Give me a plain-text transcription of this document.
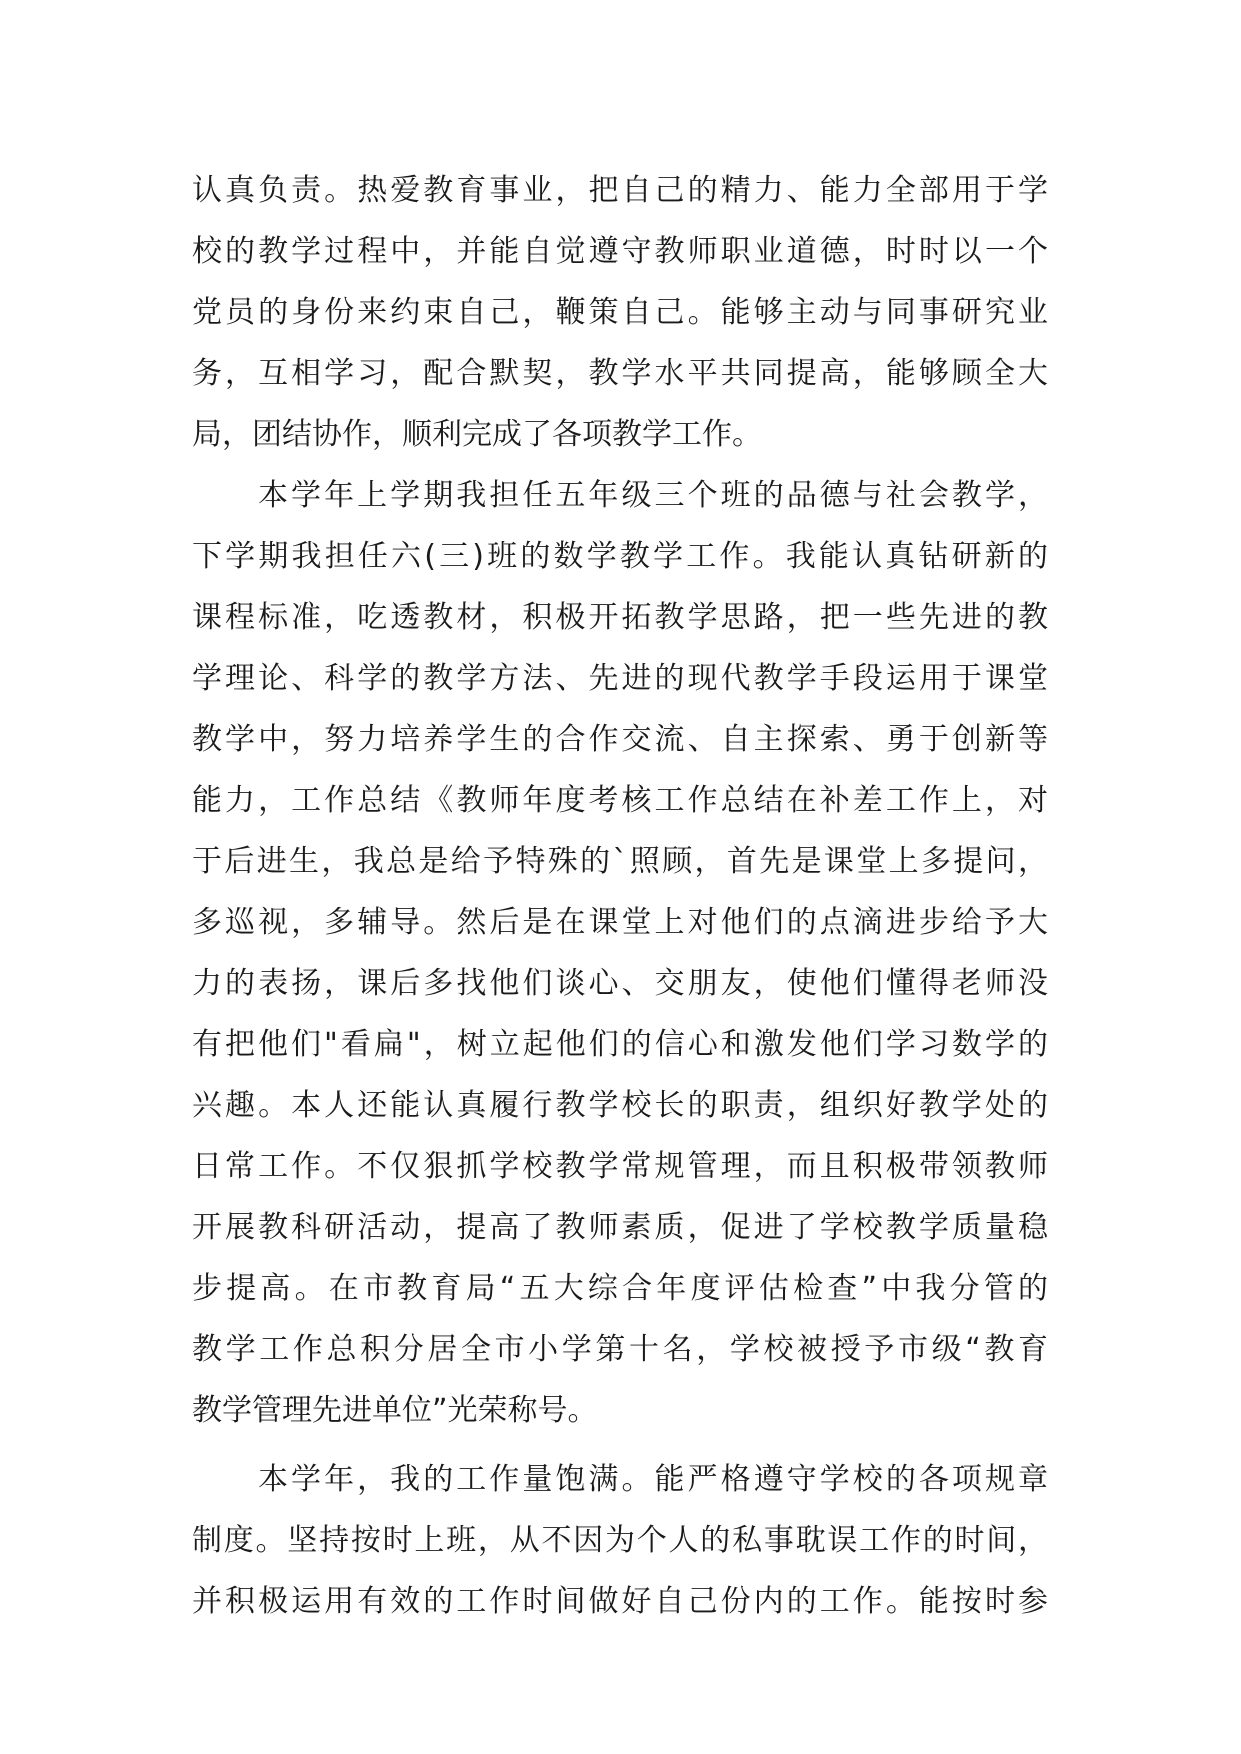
认真负责。热爱教育事业，把自己的精力、能力全部用于学
校的教学过程中，并能自觉遵守教师职业道德，时时以一个
党员的身份来约束自己，鞭策自己。能够主动与同事研究业
务，互相学习，配合默契，教学水平共同提高，能够顾全大
局，团结协作，顺利完成了各项教学工作。
本学年上学期我担任五年级三个班的品德与社会教学，
下学期我担任六(三)班的数学教学工作。我能认真钻研新的
课程标准，吃透教材，积极开拓教学思路，把一些先进的教
学理论、科学的教学方法、先进的现代教学手段运用于课堂
教学中，努力培养学生的合作交流、自主探索、勇于创新等
能力，工作总结《教师年度考核工作总结在补差工作上，对
于后进生，我总是给予特殊的`照顾，首先是课堂上多提问，
多巡视，多辅导。然后是在课堂上对他们的点滴进步给予大
力的表扬，课后多找他们谈心、交朋友，使他们懂得老师没
有把他们"看扁"，树立起他们的信心和激发他们学习数学的
兴趣。本人还能认真履行教学校长的职责，组织好教学处的
日常工作。不仅狠抓学校教学常规管理，而且积极带领教师
开展教科研活动，提高了教师素质，促进了学校教学质量稳
步提高。在市教育局“五大综合年度评估检查”中我分管的
教学工作总积分居全市小学第十名，学校被授予市级“教育
教学管理先进单位”光荣称号。
本学年，我的工作量饱满。能严格遵守学校的各项规章
制度。坚持按时上班，从不因为个人的私事耽误工作的时间，
并积极运用有效的工作时间做好自己份内的工作。能按时参
